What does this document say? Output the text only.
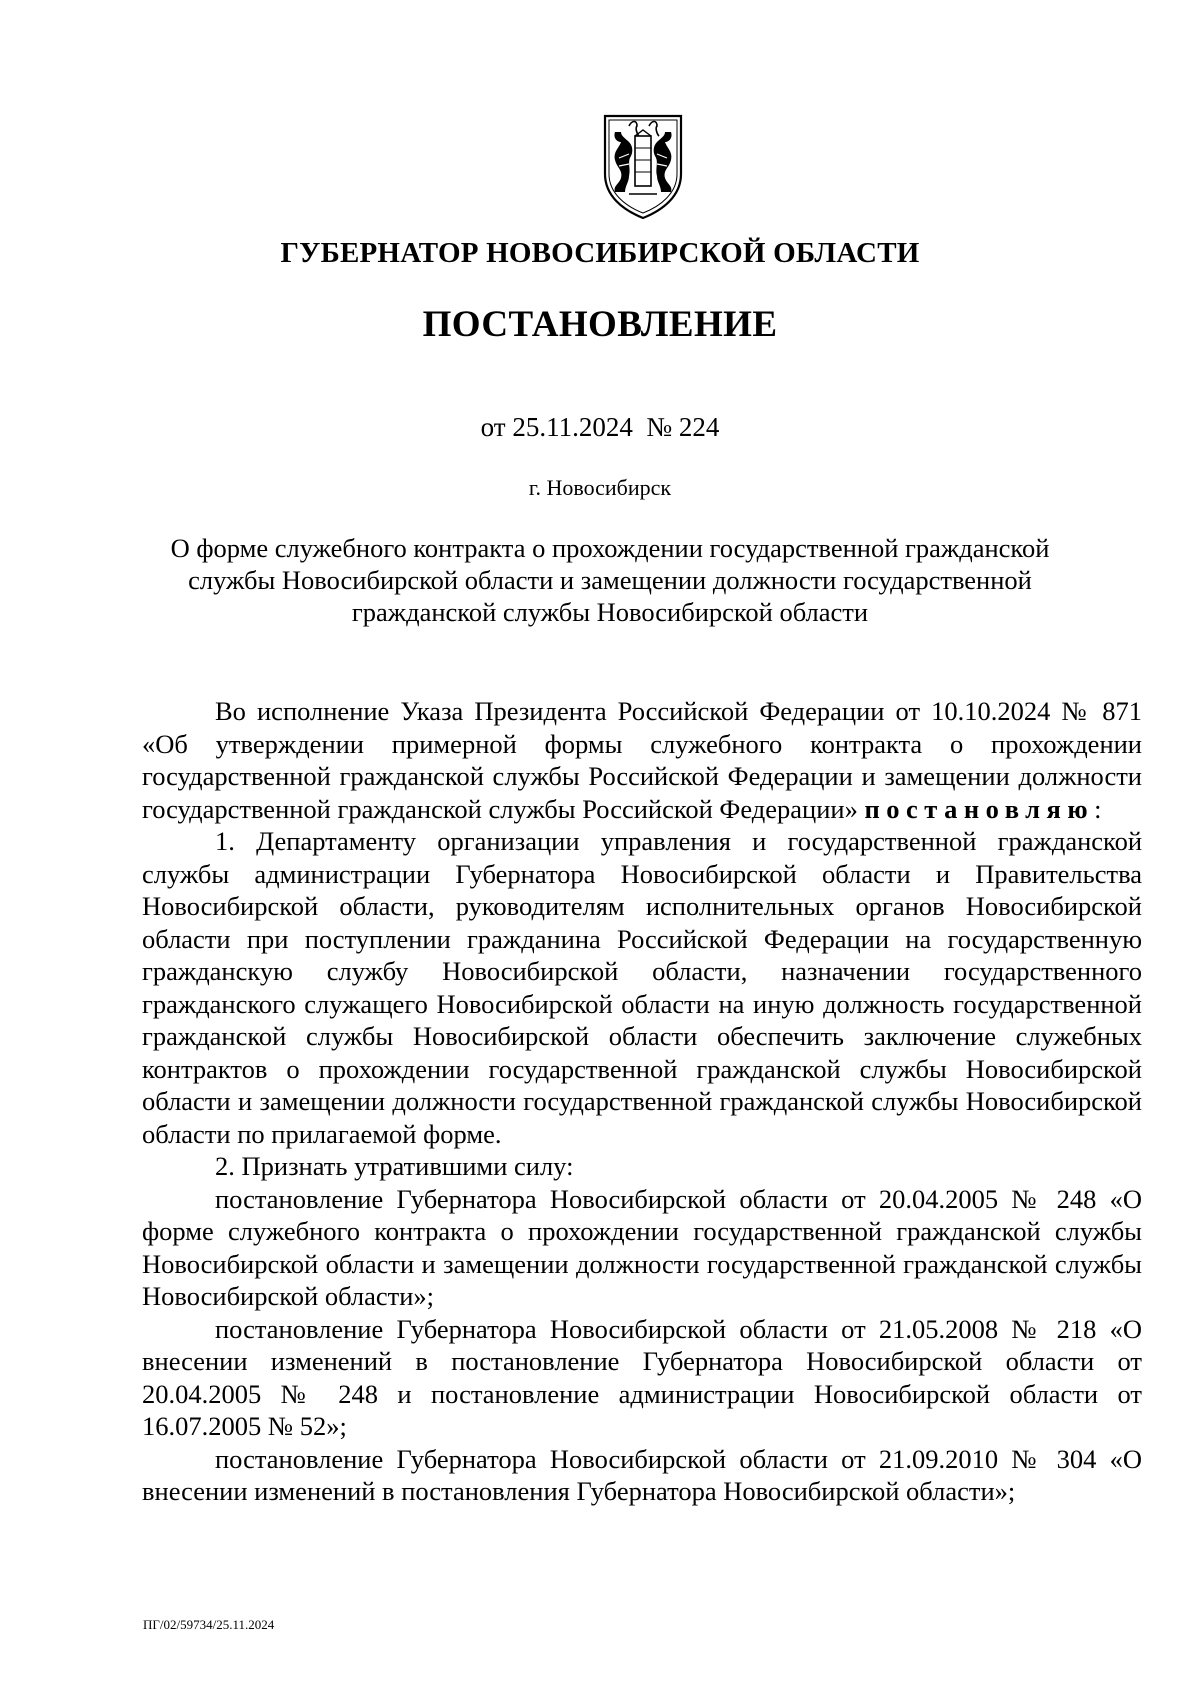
ГУБЕРНАТОР НОВОСИБИРСКОЙ ОБЛАСТИ
ПОСТАНОВЛЕНИЕ
от 25.11.2024  № 224
г. Новосибирск
О форме служебного контракта о прохождении государственной гражданской службы Новосибирской области и замещении должности государственной гражданской службы Новосибирской области

Во исполнение Указа Президента Российской Федерации от 10.10.2024 № 871 «Об утверждении примерной формы служебного контракта о прохождении государственной гражданской службы Российской Федерации и замещении должности государственной гражданской службы Российской Федерации» постановляю:

1. Департаменту организации управления и государственной гражданской службы администрации Губернатора Новосибирской области и Правительства Новосибирской области, руководителям исполнительных органов Новосибирской области при поступлении гражданина Российской Федерации на государственную гражданскую службу Новосибирской области, назначении государственного гражданского служащего Новосибирской области на иную должность государственной гражданской службы Новосибирской области обеспечить заключение служебных контрактов о прохождении государственной гражданской службы Новосибирской области и замещении должности государственной гражданской службы Новосибирской области по прилагаемой форме.

2. Признать утратившими силу:

постановление Губернатора Новосибирской области от 20.04.2005 № 248 «О форме служебного контракта о прохождении государственной гражданской службы Новосибирской области и замещении должности государственной гражданской службы Новосибирской области»;

постановление Губернатора Новосибирской области от 21.05.2008 № 218 «О внесении изменений в постановление Губернатора Новосибирской области от 20.04.2005 № 248 и постановление администрации Новосибирской области от 16.07.2005 № 52»;

постановление Губернатора Новосибирской области от 21.09.2010 № 304 «О внесении изменений в постановления Губернатора Новосибирской области»;

ПГ/02/59734/25.11.2024
